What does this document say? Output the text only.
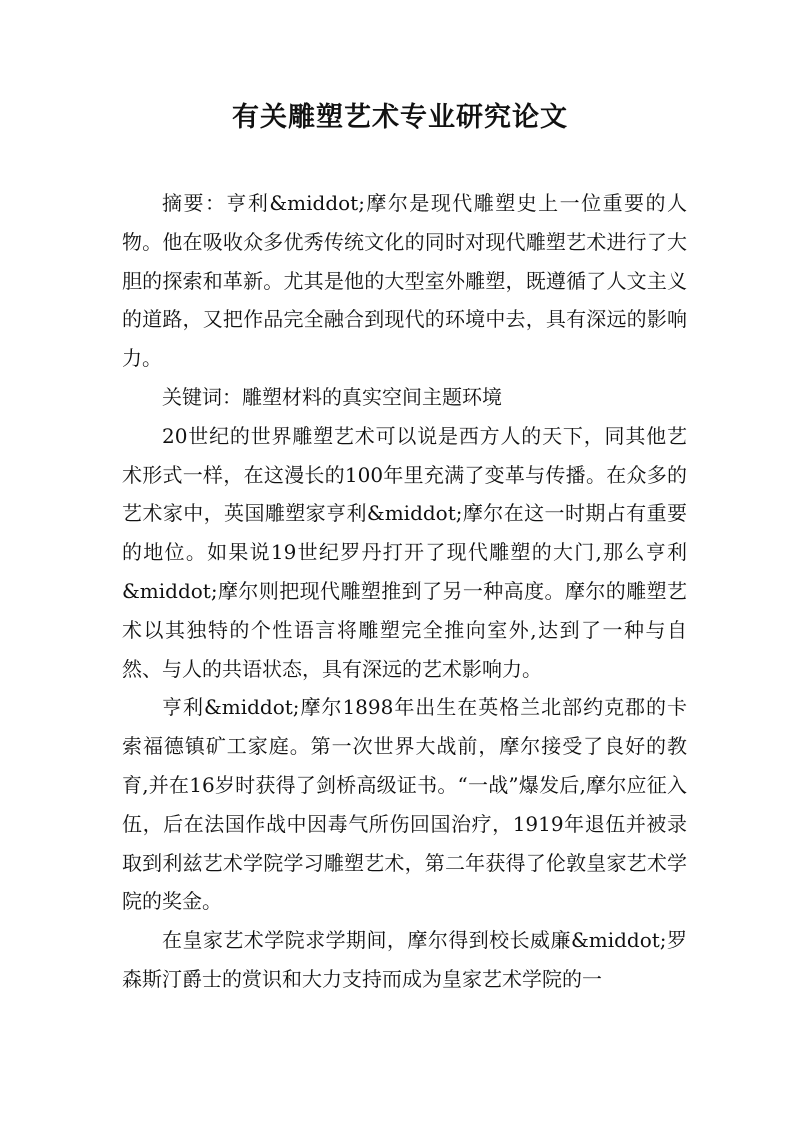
有关雕塑艺术专业研究论文

摘要：亨利&middot;摩尔是现代雕塑史上一位重要的人物。他在吸收众多优秀传统文化的同时对现代雕塑艺术进行了大胆的探索和革新。尤其是他的大型室外雕塑，既遵循了人文主义的道路，又把作品完全融合到现代的环境中去，具有深远的影响力。

关键词：雕塑材料的真实空间主题环境

20世纪的世界雕塑艺术可以说是西方人的天下，同其他艺术形式一样，在这漫长的100年里充满了变革与传播。在众多的艺术家中，英国雕塑家亨利&middot;摩尔在这一时期占有重要的地位。如果说19世纪罗丹打开了现代雕塑的大门,那么亨利&middot;摩尔则把现代雕塑推到了另一种高度。摩尔的雕塑艺术以其独特的个性语言将雕塑完全推向室外,达到了一种与自然、与人的共语状态，具有深远的艺术影响力。

亨利&middot;摩尔1898年出生在英格兰北部约克郡的卡索福德镇矿工家庭。第一次世界大战前，摩尔接受了良好的教育,并在16岁时获得了剑桥高级证书。“一战”爆发后,摩尔应征入伍，后在法国作战中因毒气所伤回国治疗，1919年退伍并被录取到利兹艺术学院学习雕塑艺术，第二年获得了伦敦皇家艺术学院的奖金。

在皇家艺术学院求学期间，摩尔得到校长威廉&middot;罗森斯汀爵士的赏识和大力支持而成为皇家艺术学院的一
